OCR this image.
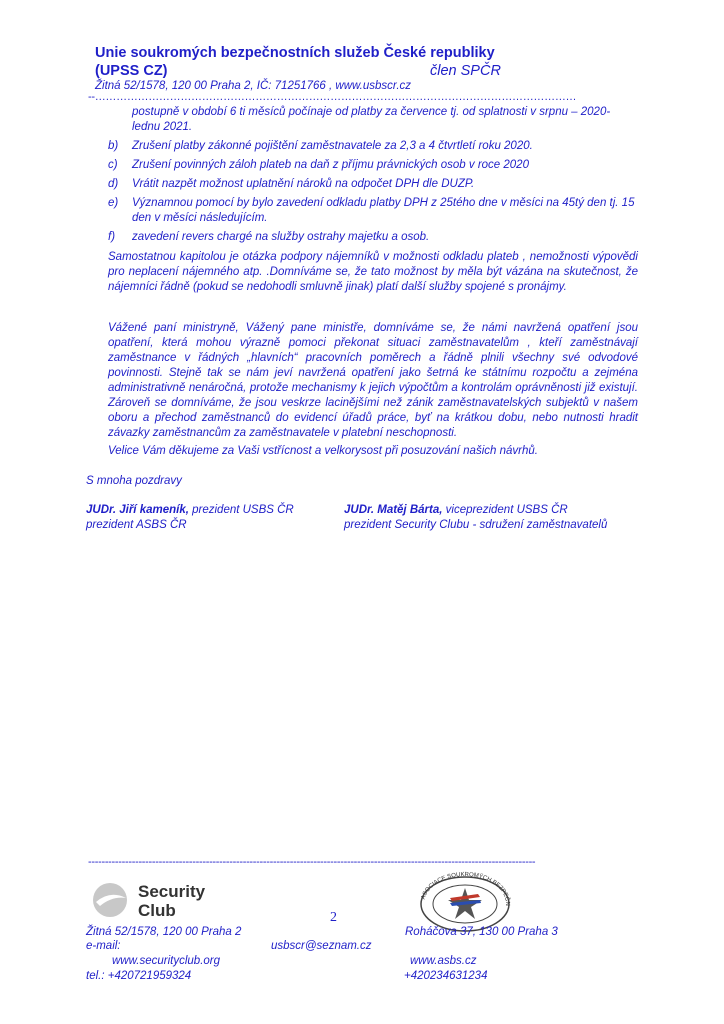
Unie soukromých bezpečnostních služeb České republiky
(UPSS CZ)	člen SPČR
Žitná 52/1578, 120 00 Praha 2, IČ: 71251766 , www.usbscr.cz
--………………………………………………………………………………………………………………………
postupně v období 6 ti měsíců počínaje od platby za července tj. od splatnosti v srpnu – 2020- lednu 2021.
b)	Zrušení platby zákonné pojištění zaměstnavatele za 2,3 a 4 čtvrtletí roku 2020.
c)	Zrušení povinných záloh plateb na daň z příjmu právnických osob v roce 2020
d)	Vrátit nazpět možnost uplatnění nároků na odpočet DPH dle DUZP.
e)	Významnou pomocí by bylo zavedení odkladu platby DPH z 25tého dne v měsíci na 45tý den tj. 15 den v měsíci následujícím.
f)	zavedení revers chargé na služby ostrahy majetku a osob.
Samostatnou kapitolou je otázka podpory nájemníků v možnosti odkladu plateb , nemožnosti výpovědi pro neplacení nájemného atp. .Domníváme se, že tato možnost by měla být vázána na skutečnost, že nájemníci řádně (pokud se nedohodli smluvně jinak) platí další služby spojené s pronájmy.
Vážené paní ministryně, Vážený pane ministře, domníváme se, že námi navržená opatření jsou opatření, která mohou výrazně pomoci překonat situaci zaměstnavatelům , kteří zaměstnávají zaměstnance v řádných „hlavních“ pracovních poměrech a řádně plnili všechny své odvodové povinnosti. Stejně tak se nám jeví navržená opatření jako šetrná ke státnímu rozpočtu a zejména administrativně nenáročná, protože mechanismy k jejich výpočtům a kontrolám oprávněnosti již existují. Zároveň se domníváme, že jsou veskrze lacinějšími než zánik zaměstnavatelských subjektů v našem oboru a přechod zaměstnanců do evidencí úřadů práce, byť na krátkou dobu, nebo nutnosti hradit závazky zaměstnancům za zaměstnavatele v platební neschopnosti.
Velice Vám děkujeme za Vaši vstřícnost a velkorysost při posuzování našich návrhů.
S mnoha pozdravy
JUDr. Jiří kameník, prezident USBS ČR
prezident ASBS ČR
JUDr. Matěj Bárta, viceprezident USBS ČR
prezident Security Clubu - sdružení zaměstnavatelů
-------------------------------------------------------------------------------------------------------------------------------------
Security
Club
ASOCIACE SOUKROMÝCH BEZPEČN
2
Žitná 52/1578, 120 00 Praha 2
e-mail:	usbscr@seznam.cz
www.securityclub.org
tel.: +420721959324
Roháčova 37, 130 00 Praha 3
www.asbs.cz
+420234631234
